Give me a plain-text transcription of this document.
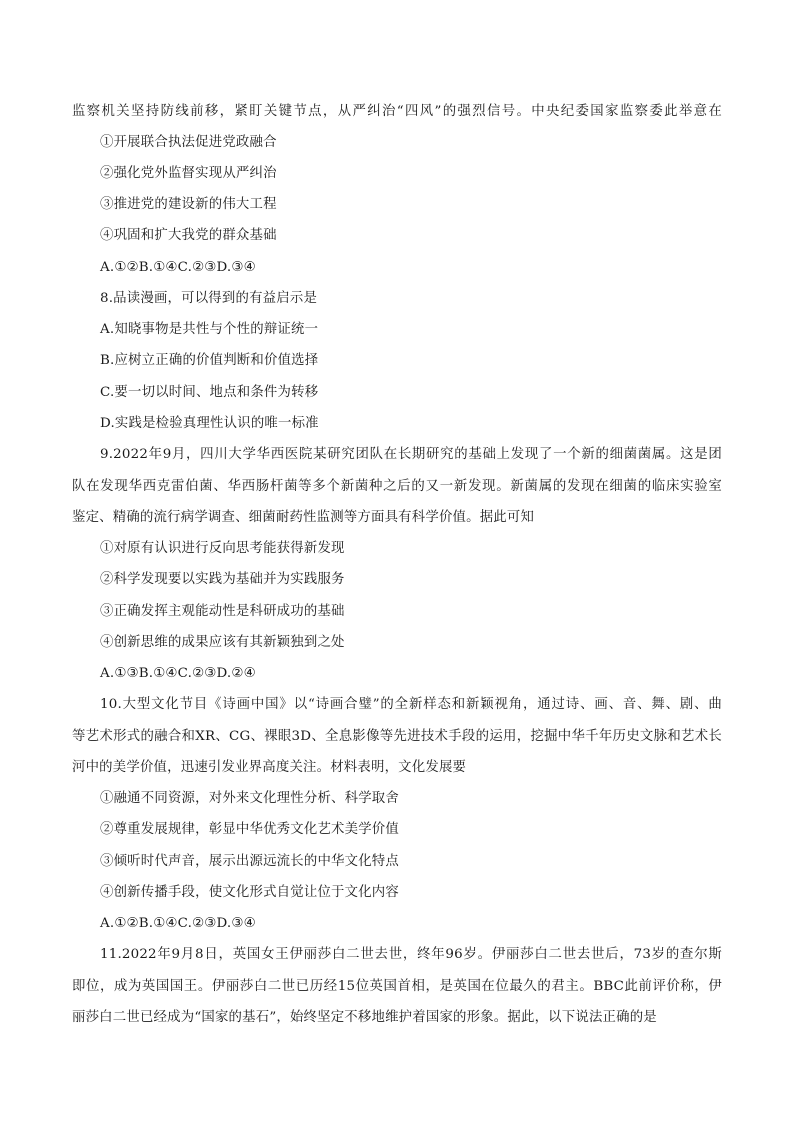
监察机关坚持防线前移，紧盯关键节点，从严纠治“四风”的强烈信号。中央纪委国家监察委此举意在
①开展联合执法促进党政融合
②强化党外监督实现从严纠治
③推进党的建设新的伟大工程
④巩固和扩大我党的群众基础
A.①②B.①④C.②③D.③④
8.品读漫画，可以得到的有益启示是
A.知晓事物是共性与个性的辩证统一
B.应树立正确的价值判断和价值选择
C.要一切以时间、地点和条件为转移
D.实践是检验真理性认识的唯一标准
9.2022年9月，四川大学华西医院某研究团队在长期研究的基础上发现了一个新的细菌菌属。这是团
队在发现华西克雷伯菌、华西肠杆菌等多个新菌种之后的又一新发现。新菌属的发现在细菌的临床实验室
鉴定、精确的流行病学调查、细菌耐药性监测等方面具有科学价值。据此可知
①对原有认识进行反向思考能获得新发现
②科学发现要以实践为基础并为实践服务
③正确发挥主观能动性是科研成功的基础
④创新思维的成果应该有其新颖独到之处
A.①③B.①④C.②③D.②④
10.大型文化节目《诗画中国》以“诗画合璧”的全新样态和新颖视角，通过诗、画、音、舞、剧、曲
等艺术形式的融合和XR、CG、裸眼3D、全息影像等先进技术手段的运用，挖掘中华千年历史文脉和艺术长
河中的美学价值，迅速引发业界高度关注。材料表明，文化发展要
①融通不同资源，对外来文化理性分析、科学取舍
②尊重发展规律，彰显中华优秀文化艺术美学价值
③倾听时代声音，展示出源远流长的中华文化特点
④创新传播手段，使文化形式自觉让位于文化内容
A.①②B.①④C.②③D.③④
11.2022年9月8日，英国女王伊丽莎白二世去世，终年96岁。伊丽莎白二世去世后，73岁的查尔斯
即位，成为英国国王。伊丽莎白二世已历经15位英国首相，是英国在位最久的君主。BBC此前评价称，伊
丽莎白二世已经成为“国家的基石”，始终坚定不移地维护着国家的形象。据此，以下说法正确的是
